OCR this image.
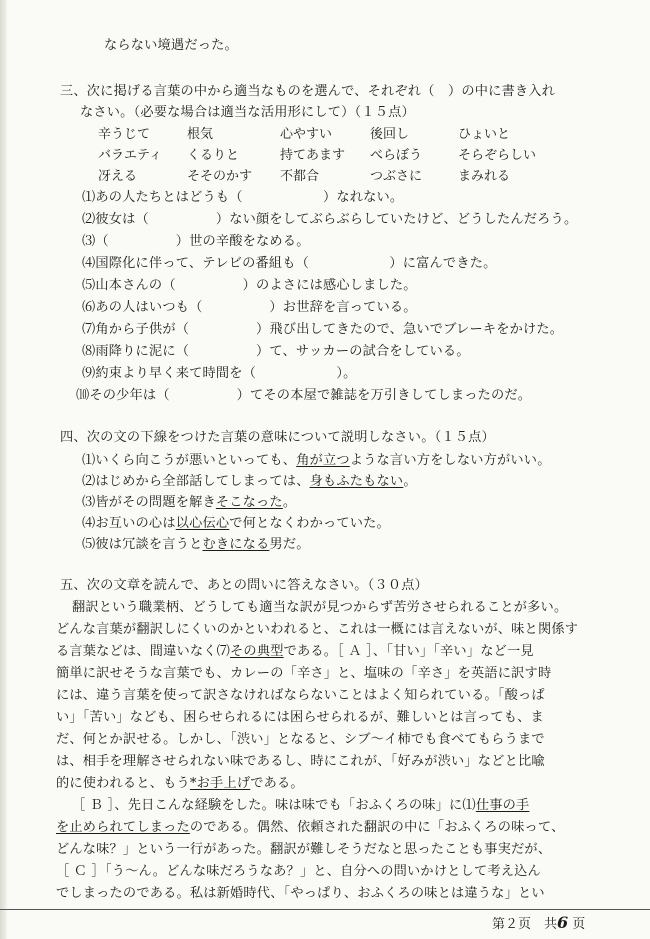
ならない境遇だった。
三、次に掲げる言葉の中から適当なものを選んで、それぞれ（　）の中に書き入れ
なさい。（必要な場合は適当な活用形にして）（１５点）
辛うじて	根気	心やすい	後回し	ひょいと
バラエティ くるりと	持てあます べらぼう	そらぞらしい
冴える	そそのかす 不都合	つぶさに	まみれる
⑴あの人たちとはどうも（　　　　　　）なれない。
⑵彼女は（　　　　　）ない顔をしてぶらぶらしていたけど、どうしたんだろう。
⑶（　　　　　）世の辛酸をなめる。
⑷国際化に伴って、テレビの番組も（　　　　　　）に富んできた。
⑸山本さんの（　　　　　）のよさには感心しました。
⑹あの人はいつも（　　　　　）お世辞を言っている。
⑺角から子供が（　　　　　）飛び出してきたので、急いでブレーキをかけた。
⑻雨降りに泥に（　　　　　）て、サッカーの試合をしている。
⑼約束より早く来て時間を（　　　　　　）。
⑽その少年は（　　　　　）てその本屋で雑誌を万引きしてしまったのだ。
四、次の文の下線をつけた言葉の意味について説明しなさい。（１５点）
⑴いくら向こうが悪いといっても、角が立つような言い方をしない方がいい。
⑵はじめから全部話してしまっては、身もふたもない。
⑶皆がその問題を解きそこなった。
⑷お互いの心は以心伝心で何となくわかっていた。
⑸彼は冗談を言うとむきになる男だ。
五、次の文章を読んで、あとの問いに答えなさい。（３０点）
翻訳という職業柄、どうしても適当な訳が見つからず苦労させられることが多い。
どんな言葉が翻訳しにくいのかといわれると、これは一概には言えないが、味と関係す
る言葉などは、間違いなく⑺その典型である。［ Ａ ］、「甘い」「辛い」など一見
簡単に訳せそうな言葉でも、カレーの「辛さ」と、塩味の「辛さ」を英語に訳す時
には、違う言葉を使って訳さなければならないことはよく知られている。「酸っぱ
い」「苦い」なども、困らせられるには困らせられるが、難しいとは言っても、ま
だ、何とか訳せる。しかし、「渋い」となると、シブ～イ柿でも食べてもらうまで
は、相手を理解させられない味であるし、時にこれが、「好みが渋い」などと比喩
的に使われると、もう*お手上げである。
［ Ｂ ］、先日こんな経験をした。味は味でも「おふくろの味」に⑴仕事の手
を止められてしまったのである。偶然、依頼された翻訳の中に「おふくろの味って、
どんな味？」という一行があった。翻訳が難しそうだなと思ったことも事実だが、
［ Ｃ ］「う～ん。どんな味だろうなあ？」と、自分への問いかけとして考え込ん
でしまったのである。私は新婚時代、「やっぱり、おふくろの味とは違うな」とい
第２页　共6 页
